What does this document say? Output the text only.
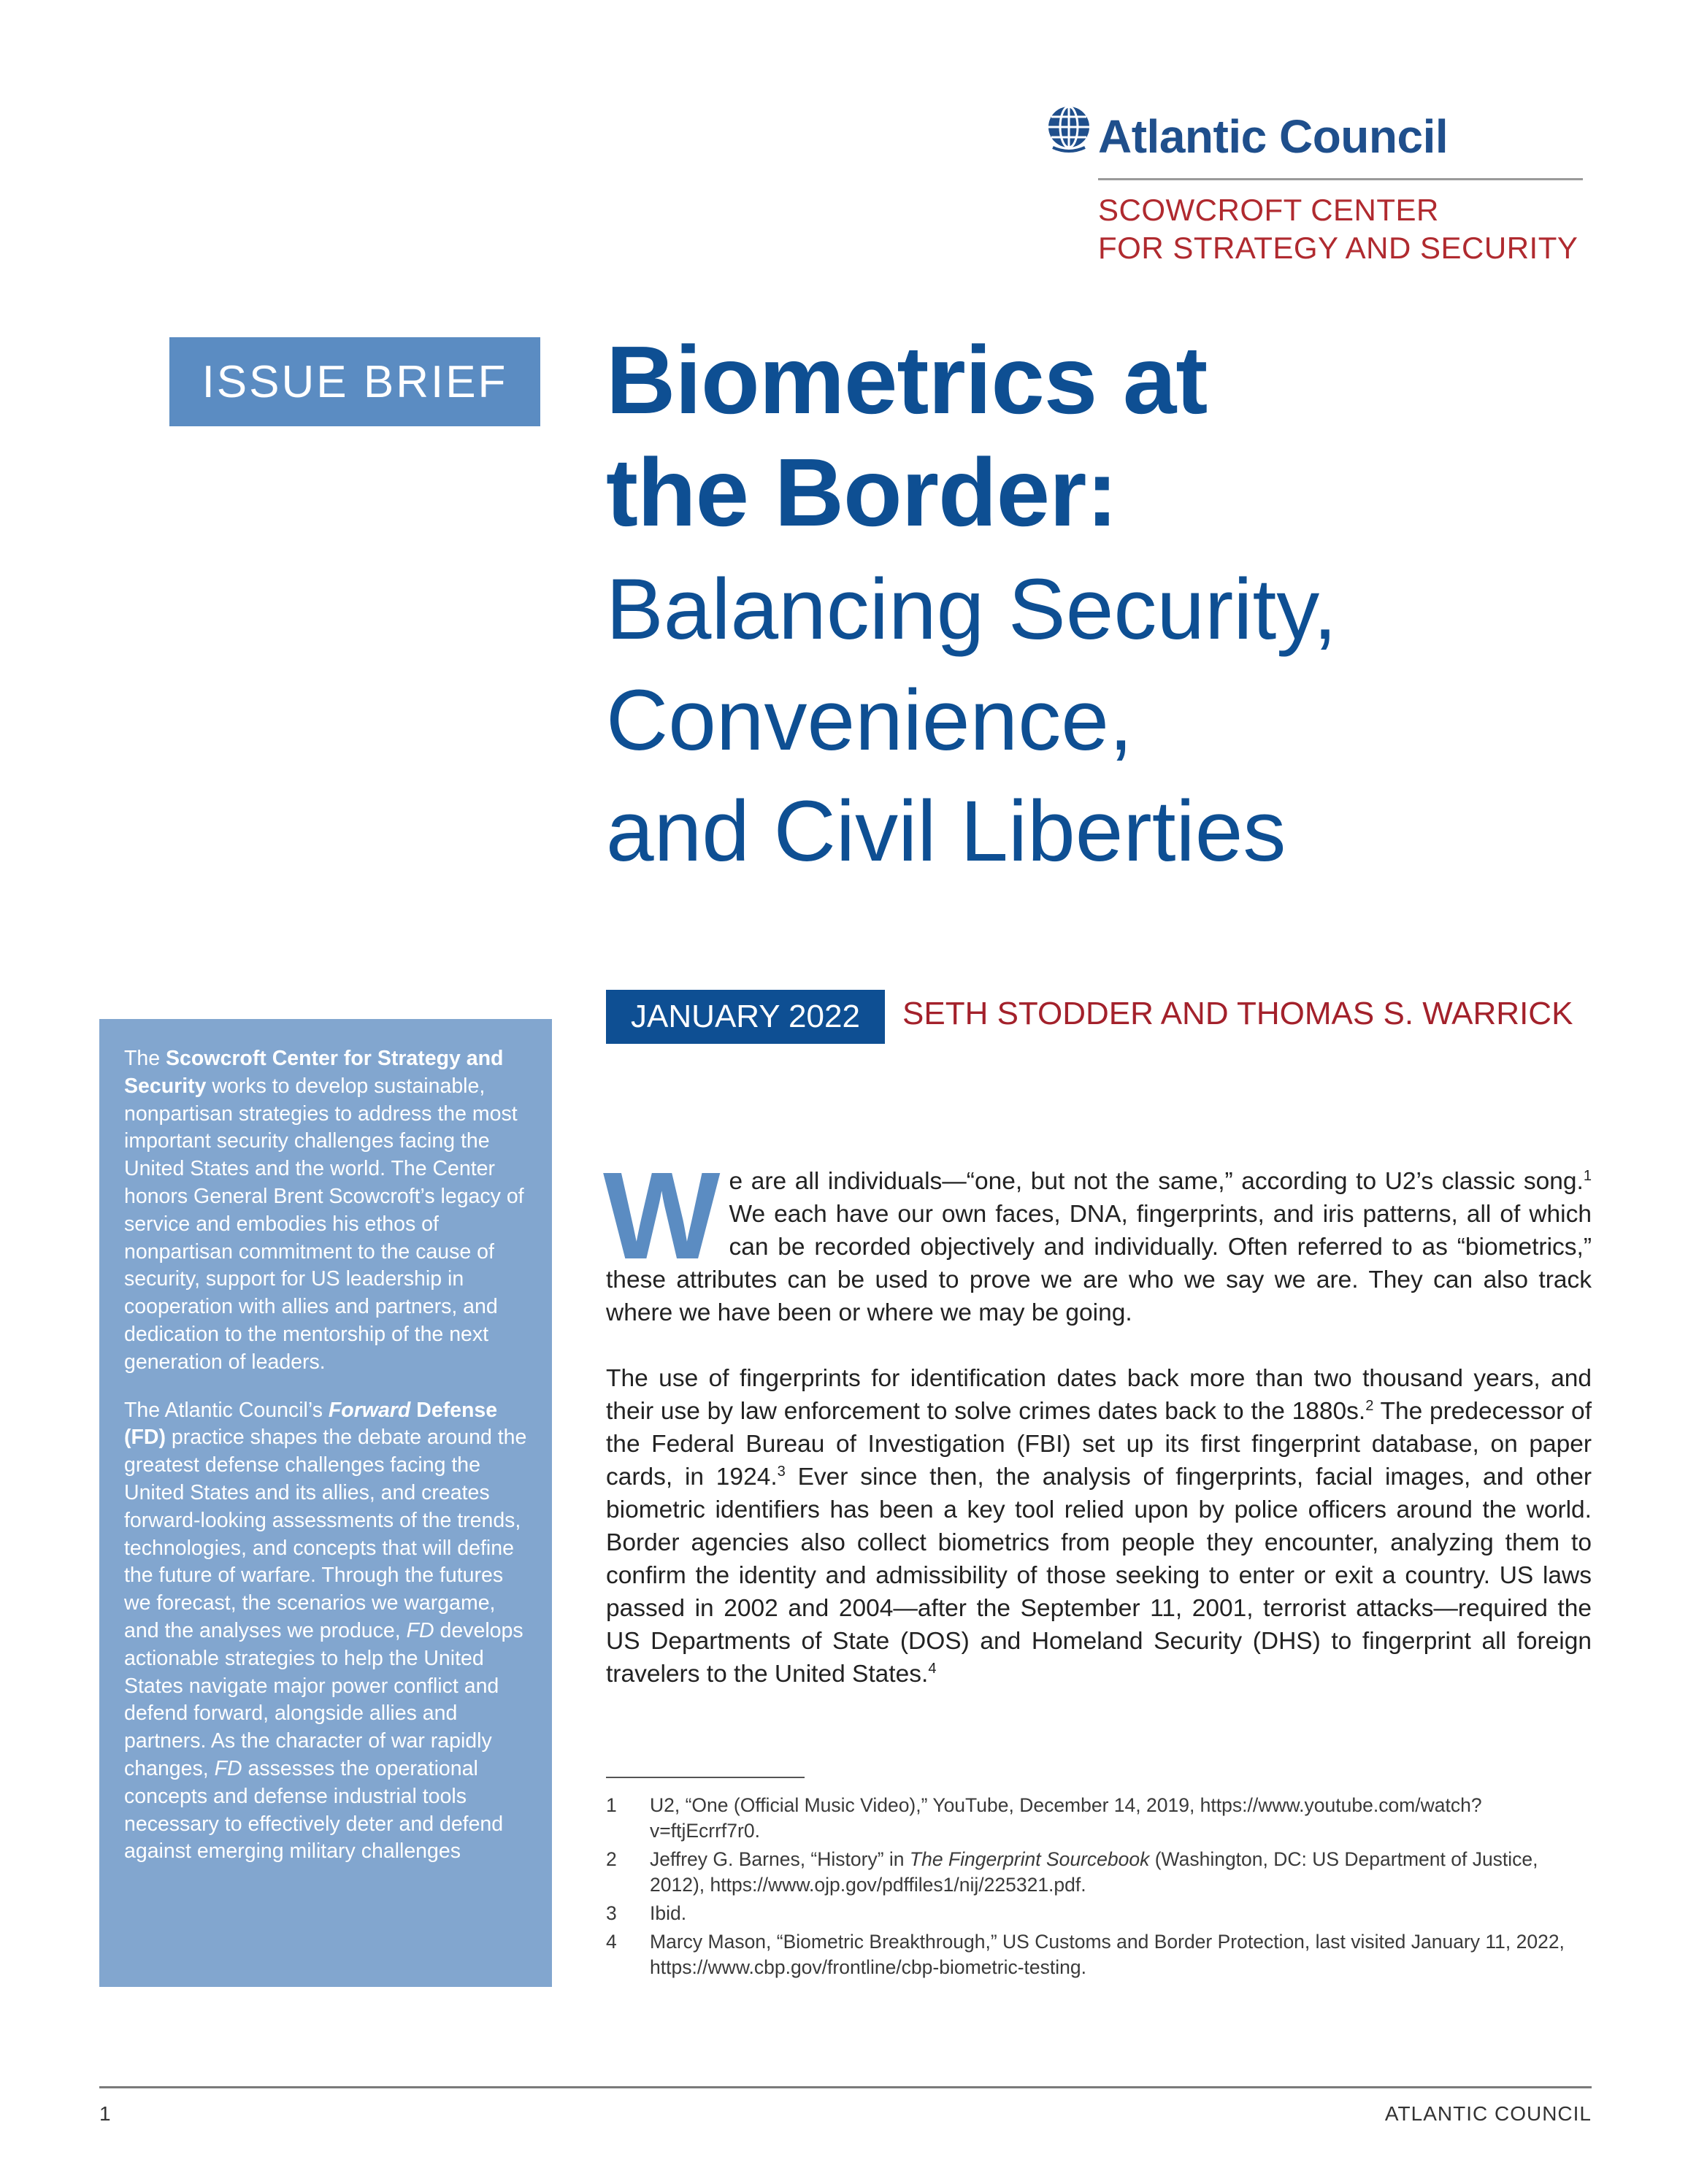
Atlantic Council
SCOWCROFT CENTER
FOR STRATEGY AND SECURITY
ISSUE BRIEF	Biometrics at
the Border:
Balancing Security,
Convenience,
and Civil Liberties
JANUARY 2022	SETH STODDER AND THOMAS S. WARRICK

The Scowcroft Center for Strategy and Security works to develop sustainable, nonpartisan strategies to address the most important security challenges facing the United States and the world. The Center honors General Brent Scowcroft’s legacy of service and embodies his ethos of nonpartisan commitment to the cause of security, support for US leadership in cooperation with allies and partners, and dedication to the mentorship of the next generation of leaders.

The Atlantic Council’s Forward Defense (FD) practice shapes the debate around the greatest defense challenges facing the United States and its allies, and creates forward-looking assessments of the trends, technologies, and concepts that will define the future of warfare. Through the futures we forecast, the scenarios we wargame, and the analyses we produce, FD develops actionable strategies to help the United States navigate major power conflict and defend forward, alongside allies and partners. As the character of war rapidly changes, FD assesses the operational concepts and defense industrial tools necessary to effectively deter and defend against emerging military challenges

We are all individuals—“one, but not the same,” according to U2’s classic song.$^1$ We each have our own faces, DNA, fingerprints, and iris patterns, all of which can be recorded objectively and individually. Often referred to as “biometrics,” these attributes can be used to prove we are who we say we are. They can also track where we have been or where we may be going.

The use of fingerprints for identification dates back more than two thousand years, and their use by law enforcement to solve crimes dates back to the 1880s.$^2$ The predecessor of the Federal Bureau of Investigation (FBI) set up its first fingerprint database, on paper cards, in 1924.$^3$ Ever since then, the analysis of fingerprints, facial images, and other biometric identifiers has been a key tool relied upon by police officers around the world. Border agencies also collect biometrics from people they encounter, analyzing them to confirm the identity and admissibility of those seeking to enter or exit a country. US laws passed in 2002 and 2004—after the September 11, 2001, terrorist attacks—required the US Departments of State (DOS) and Homeland Security (DHS) to fingerprint all foreign travelers to the United States.$^4$

1	U2, “One (Official Music Video),” YouTube, December 14, 2019, https://www.youtube.com/watch?v=ftjEcrrf7r0.
2	Jeffrey G. Barnes, “History” in The Fingerprint Sourcebook (Washington, DC: US Department of Justice, 2012), https://www.ojp.gov/pdffiles1/nij/225321.pdf.
3	Ibid.
4	Marcy Mason, “Biometric Breakthrough,” US Customs and Border Protection, last visited January 11, 2022, https://www.cbp.gov/frontline/cbp-biometric-testing.
1	ATLANTIC COUNCIL
